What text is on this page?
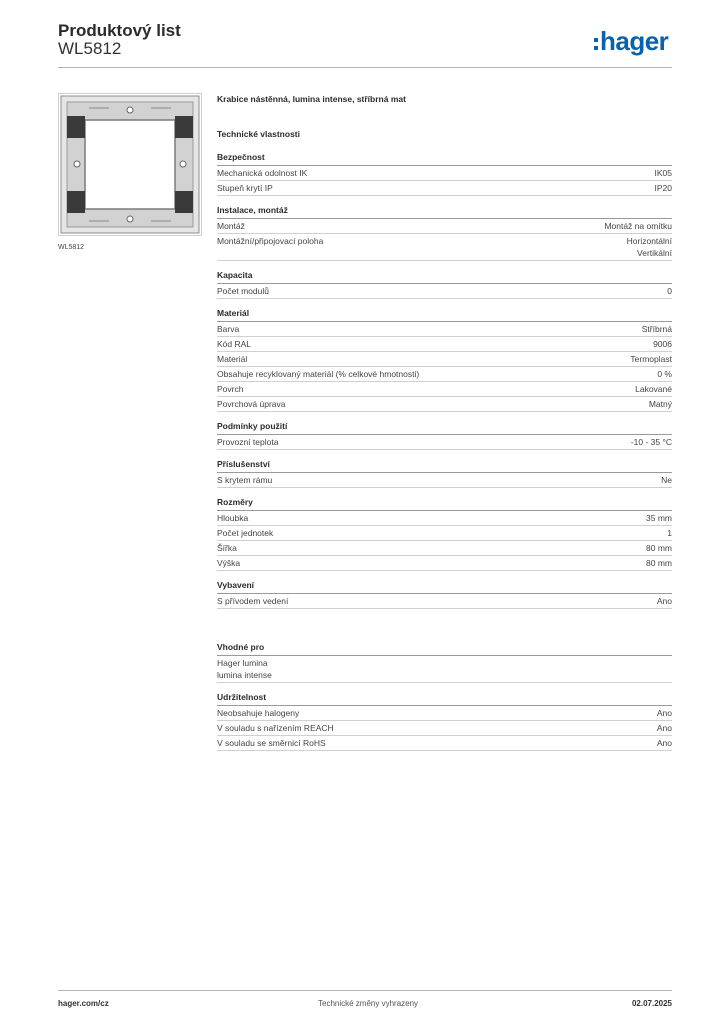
Produktový list
WL5812	hager
WL5812
Krabice nástěnná, lumina intense, stříbrná mat
Technické vlastnosti
Bezpečnost
Mechanická odolnost IK	IK05
Stupeň krytí IP	IP20
Instalace, montáž
Montáž	Montáž na omítku
Montážní/připojovací poloha	Horizontální
Vertikální
Kapacita
Počet modulů	0
Materiál
Barva	Stříbrná
Kód RAL	9006
Materiál	Termoplast
Obsahuje recyklovaný materiál (% celkové hmotnosti)	0 %
Povrch	Lakované
Povrchová úprava	Matný
Podmínky použití
Provozní teplota	-10 - 35 °C
Příslušenství
S krytem rámu	Ne
Rozměry
Hloubka	35 mm
Počet jednotek	1
Šířka	80 mm
Výška	80 mm
Vybavení
S přívodem vedení	Ano
Vhodné pro
Hager lumina
lumina intense
Udržitelnost
Neobsahuje halogeny	Ano
V souladu s nařízením REACH	Ano
V souladu se směrnicí RoHS	Ano
hager.com/cz	Technické změny vyhrazeny	02.07.2025
